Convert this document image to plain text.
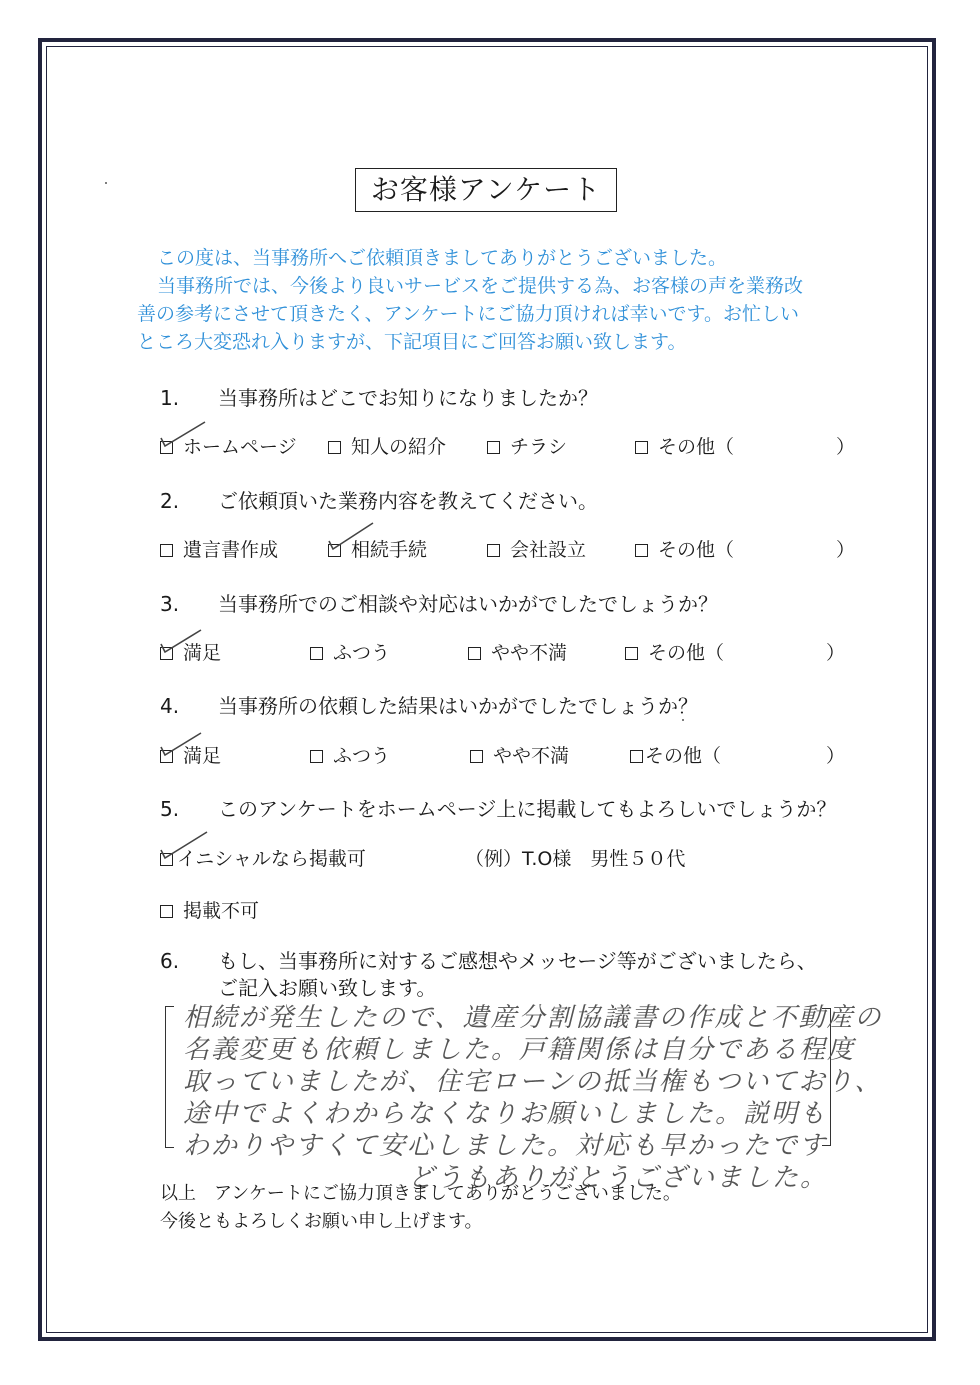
お客様アンケート
この度は、当事務所へご依頼頂きましてありがとうございました。
当事務所では、今後より良いサービスをご提供する為、お客様の声を業務改
善の参考にさせて頂きたく、アンケートにご協力頂ければ幸いです。お忙しい
ところ大変恐れ入りますが、下記項目にご回答お願い致します。
1. 当事務所はどこでお知りになりましたか？
ホームページ	知人の紹介	チラシ	その他（	）
2. ご依頼頂いた業務内容を教えてください。
遺言書作成	相続手続	会社設立	その他（	）
3. 当事務所でのご相談や対応はいかがでしたでしょうか？
満足	ふつう	やや不満	その他（	）
4. 当事務所の依頼した結果はいかがでしたでしょうか？
満足	ふつう	やや不満	その他（	）
5. このアンケートをホームページ上に掲載してもよろしいでしょうか？
イニシャルなら掲載可	（例）T.O様　男性５０代
掲載不可
6. もし、当事務所に対するご感想やメッセージ等がございましたら、
ご記入お願い致します。
相続が発生したので、遺産分割協議書の作成と不動産の
名義変更も依頼しました。戸籍関係は自分である程度
取っていましたが、住宅ローンの抵当権もついており、
途中でよくわからなくなりお願いしました。説明も
わかりやすくて安心しました。対応も早かったです
どうもありがとうございました。
以上　アンケートにご協力頂きましてありがとうございました。
今後ともよろしくお願い申し上げます。
